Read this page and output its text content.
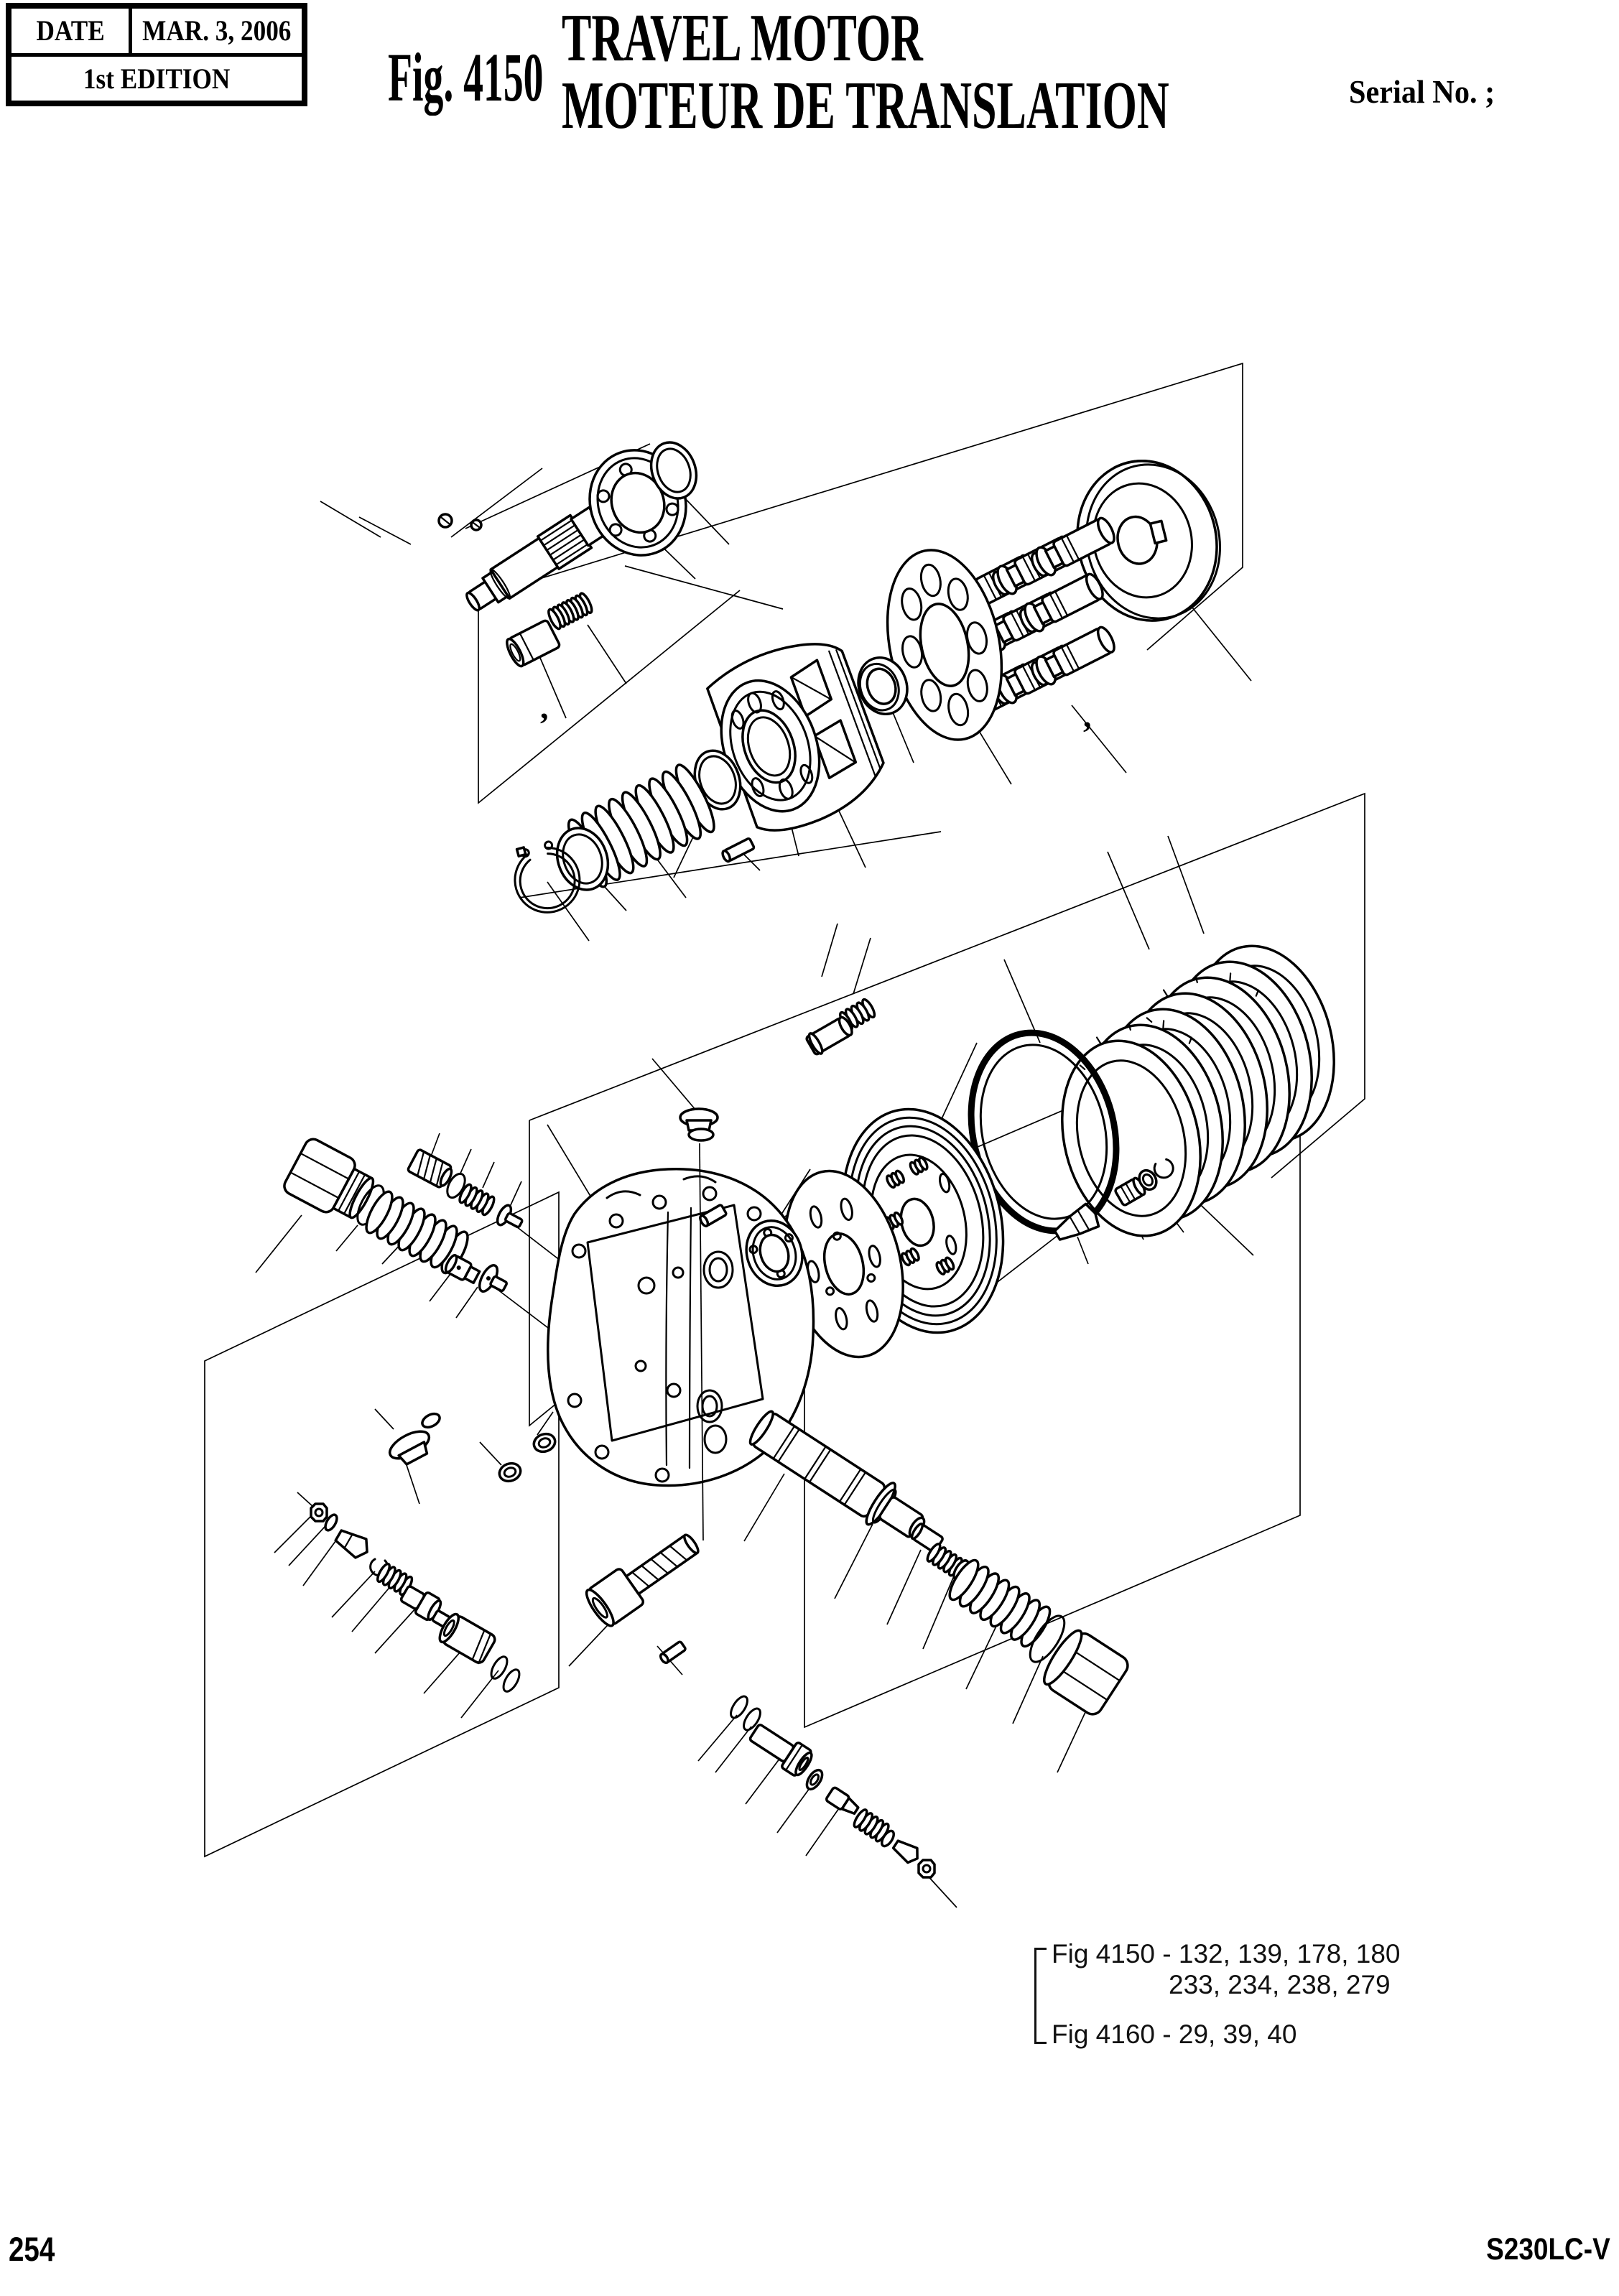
DATE MAR. 3, 2006
1st EDITION Fig. 4150
TRAVEL MOTOR
MOTEUR DE TRANSLATION	Serial No. ;
,	,
Fig 4150 - 132, 139, 178, 180
233, 234, 238, 279
Fig 4160 - 29, 39, 40
254	S230LC-V
